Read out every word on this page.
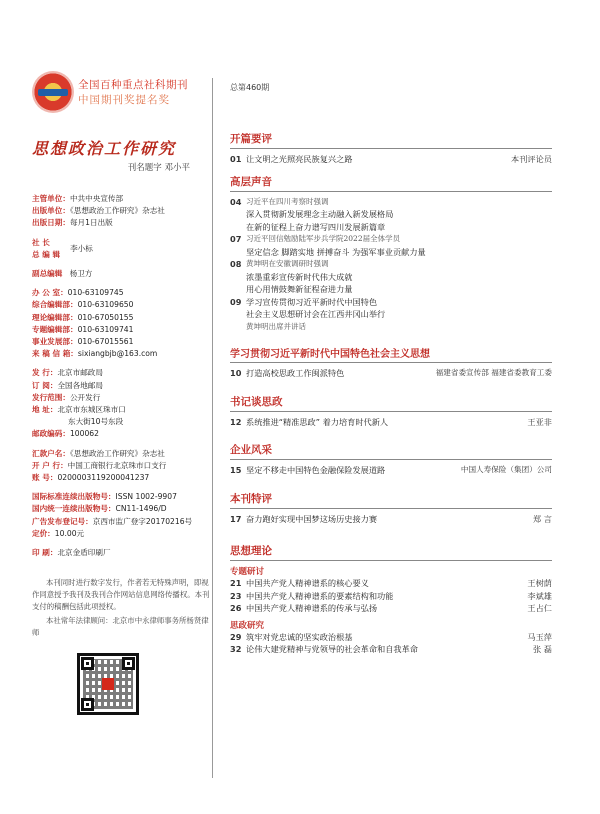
全国百种重点社科期刊
中国期刊奖提名奖
思想政治工作研究
刊名题字 邓小平
主管单位：中共中央宣传部
出版单位：《思想政治工作研究》杂志社
出版日期：每月1日出版
社 长
总 编 辑
李小标
副总编辑 杨卫方
办 公 室：010-63109745
综合编辑部：010-63109650
理论编辑部：010-67050155
专题编辑部：010-63109741
事业发展部：010-67015561
来 稿 信 箱：sixiangbjb@163.com
发 行：北京市邮政局
订 阅：全国各地邮局
发行范围：公开发行
地 址：北京市东城区珠市口
东大街10号东段
邮政编码：100062
汇款户名：《思想政治工作研究》杂志社
开 户 行：中国工商银行北京珠市口支行
账 号：0200003119200041237
国际标准连续出版物号：ISSN 1002-9907
国内统一连续出版物号：CN11-1496/D
广告发布登记号：京西市监广登字20170216号
定价：10.00元
印 刷：北京金盾印刷厂
本刊同时进行数字发行，作者若无特殊声明，即视作同意授予我刊及我刊合作网站信息网络传播权。本刊支付的稿酬包括此项授权。
本社常年法律顾问：北京市中永律师事务所杨贤律师
总第460期
开篇要评
01 让文明之光照亮民族复兴之路	本刊评论员
高层声音
04 习近平在四川考察时强调
深入贯彻新发展理念主动融入新发展格局
在新的征程上奋力谱写四川发展新篇章
07 习近平回信勉励陆军步兵学院2022届全体学员
坚定信念 脚踏实地 拼搏奋斗 为强军事业贡献力量
08 黄坤明在安徽调研时强调
浓墨重彩宣传新时代伟大成就
用心用情鼓舞新征程奋进力量
09 学习宣传贯彻习近平新时代中国特色
社会主义思想研讨会在江西井冈山举行
黄坤明出席并讲话
学习贯彻习近平新时代中国特色社会主义思想
10 打造高校思政工作闽派特色	福建省委宣传部 福建省委教育工委
书记谈思政
12 系统推进“精准思政” 着力培育时代新人	王亚非
企业风采
15 坚定不移走中国特色金融保险发展道路	中国人寿保险（集团）公司
本刊特评
17 奋力跑好实现中国梦这场历史接力赛	郑 言
思想理论
专题研讨
21 中国共产党人精神谱系的核心要义	王树荫
23 中国共产党人精神谱系的要素结构和功能	李斌雄
26 中国共产党人精神谱系的传承与弘扬	王占仁
思政研究
29 筑牢对党忠诚的坚实政治根基	马玉萍
32 论伟大建党精神与党领导的社会革命和自我革命	张 磊
